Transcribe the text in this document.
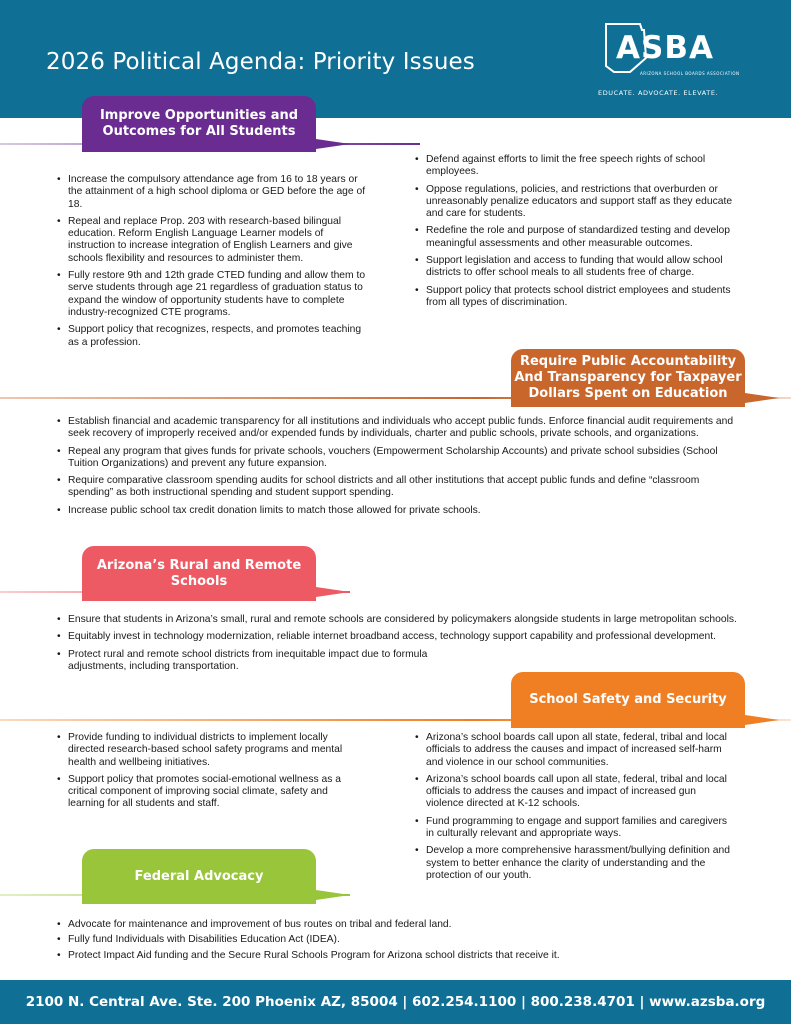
2026 Political Agenda: Priority Issues	ASBA
ARIZONA SCHOOL BOARDS ASSOCIATION
EDUCATE. ADVOCATE. ELEVATE.
Improve Opportunities and Outcomes for All Students
• Increase the compulsory attendance age from 16 to 18 years or the attainment of a high school diploma or GED before the age of 18.
• Repeal and replace Prop. 203 with research-based bilingual education. Reform English Language Learner models of instruction to increase integration of English Learners and give schools flexibility and resources to administer them.
• Fully restore 9th and 12th grade CTED funding and allow them to serve students through age 21 regardless of graduation status to expand the window of opportunity students have to complete industry-recognized CTE programs.
• Support policy that recognizes, respects, and promotes teaching as a profession.
• Defend against efforts to limit the free speech rights of school employees.
• Oppose regulations, policies, and restrictions that overburden or unreasonably penalize educators and support staff as they educate and care for students.
• Redefine the role and purpose of standardized testing and develop meaningful assessments and other measurable outcomes.
• Support legislation and access to funding that would allow school districts to offer school meals to all students free of charge.
• Support policy that protects school district employees and students from all types of discrimination.
Require Public Accountability And Transparency for Taxpayer Dollars Spent on Education
• Establish financial and academic transparency for all institutions and individuals who accept public funds. Enforce financial audit requirements and seek recovery of improperly received and/or expended funds by individuals, charter and public schools, private schools, and organizations.
• Repeal any program that gives funds for private schools, vouchers (Empowerment Scholarship Accounts) and private school subsidies (School Tuition Organizations) and prevent any future expansion.
• Require comparative classroom spending audits for school districts and all other institutions that accept public funds and define “classroom spending” as both instructional spending and student support spending.
• Increase public school tax credit donation limits to match those allowed for private schools.
Arizona’s Rural and Remote Schools
• Ensure that students in Arizona’s small, rural and remote schools are considered by policymakers alongside students in large metropolitan schools.
• Equitably invest in technology modernization, reliable internet broadband access, technology support capability and professional development.
• Protect rural and remote school districts from inequitable impact due to formula adjustments, including transportation.
School Safety and Security
• Provide funding to individual districts to implement locally directed research-based school safety programs and mental health and wellbeing initiatives.
• Support policy that promotes social-emotional wellness as a critical component of improving social climate, safety and learning for all students and staff.
• Arizona’s school boards call upon all state, federal, tribal and local officials to address the causes and impact of increased self-harm and violence in our school communities.
• Arizona’s school boards call upon all state, federal, tribal and local officials to address the causes and impact of increased gun violence directed at K-12 schools.
• Fund programming to engage and support families and caregivers in culturally relevant and appropriate ways.
• Develop a more comprehensive harassment/bullying definition and system to better enhance the clarity of understanding and the protection of our youth.
Federal Advocacy
• Advocate for maintenance and improvement of bus routes on tribal and federal land.
• Fully fund Individuals with Disabilities Education Act (IDEA).
• Protect Impact Aid funding and the Secure Rural Schools Program for Arizona school districts that receive it.
2100 N. Central Ave. Ste. 200 Phoenix AZ, 85004 | 602.254.1100 | 800.238.4701 | www.azsba.org
